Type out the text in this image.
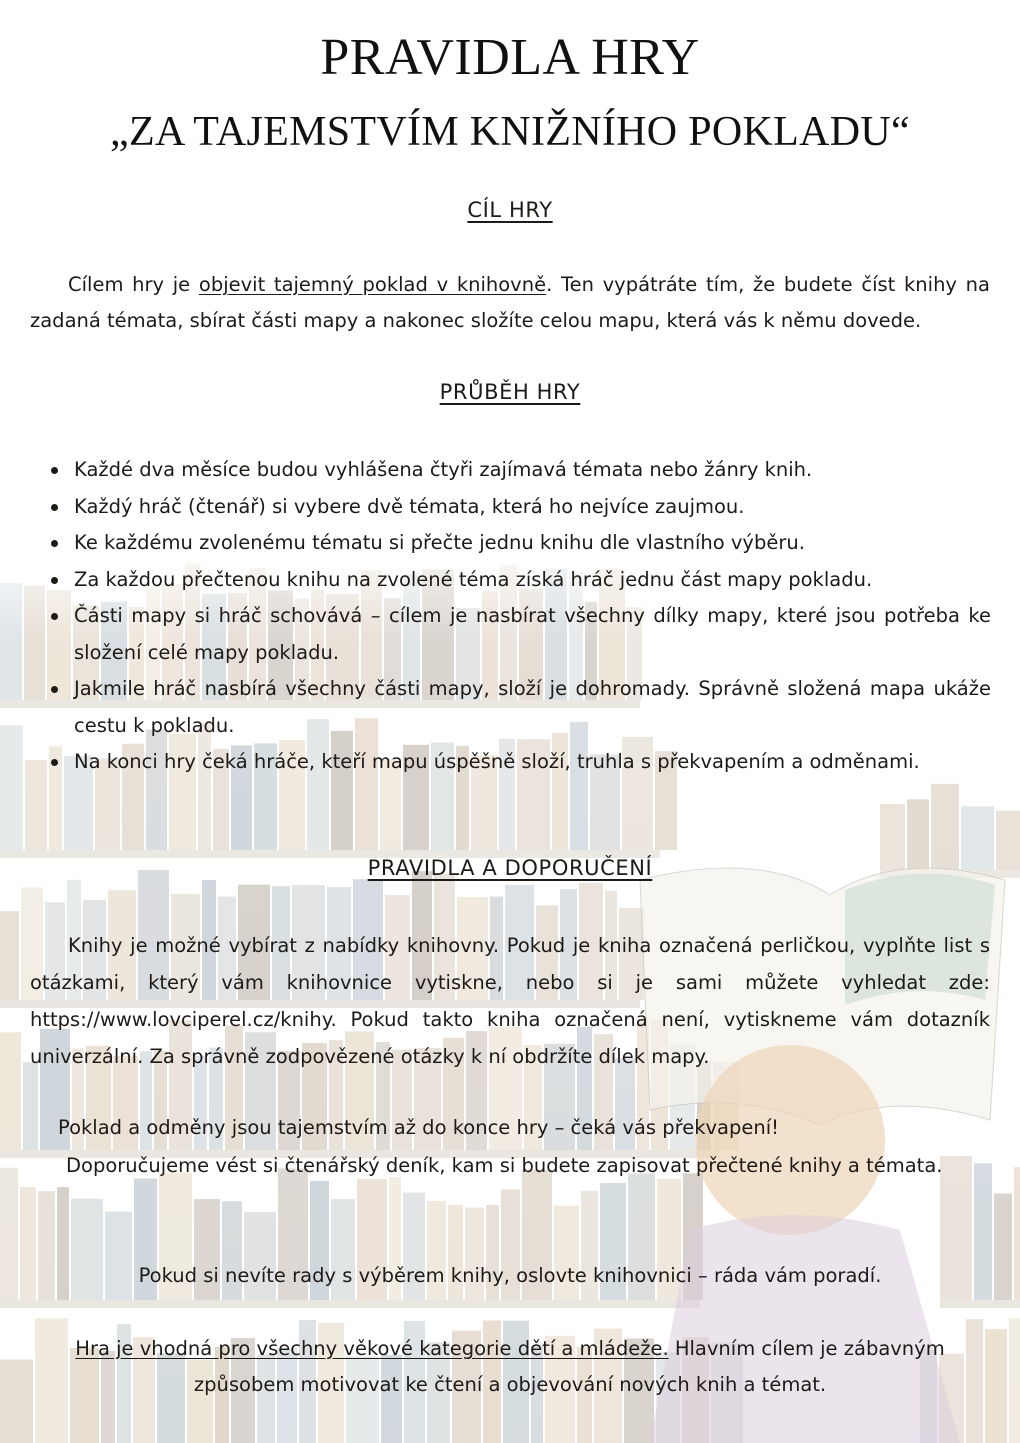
PRAVIDLA HRY
„ZA TAJEMSTVÍM KNIŽNÍHO POKLADU“
CÍL HRY
Cílem hry je objevit tajemný poklad v knihovně. Ten vypátráte tím, že budete číst knihy na zadaná témata, sbírat části mapy a nakonec složíte celou mapu, která vás k němu dovede.
PRŮBĚH HRY
Každé dva měsíce budou vyhlášena čtyři zajímavá témata nebo žánry knih.
Každý hráč (čtenář) si vybere dvě témata, která ho nejvíce zaujmou.
Ke každému zvolenému tématu si přečte jednu knihu dle vlastního výběru.
Za každou přečtenou knihu na zvolené téma získá hráč jednu část mapy pokladu.
Části mapy si hráč schovává – cílem je nasbírat všechny dílky mapy, které jsou potřeba ke složení celé mapy pokladu.
Jakmile hráč nasbírá všechny části mapy, složí je dohromady. Správně složená mapa ukáže cestu k pokladu.
Na konci hry čeká hráče, kteří mapu úspěšně složí, truhla s překvapením a odměnami.
PRAVIDLA A DOPORUČENÍ
Knihy je možné vybírat z nabídky knihovny. Pokud je kniha označená perličkou, vyplňte list s otázkami, který vám knihovnice vytiskne, nebo si je sami můžete vyhledat zde: https://www.lovciperel.cz/knihy. Pokud takto kniha označená není, vytiskneme vám dotazník univerzální. Za správně zodpovězené otázky k ní obdržíte dílek mapy.
Poklad a odměny jsou tajemstvím až do konce hry – čeká vás překvapení!
Doporučujeme vést si čtenářský deník, kam si budete zapisovat přečtené knihy a témata.
Pokud si nevíte rady s výběrem knihy, oslovte knihovnici – ráda vám poradí.
Hra je vhodná pro všechny věkové kategorie dětí a mládeže. Hlavním cílem je zábavným způsobem motivovat ke čtení a objevování nových knih a témat.
